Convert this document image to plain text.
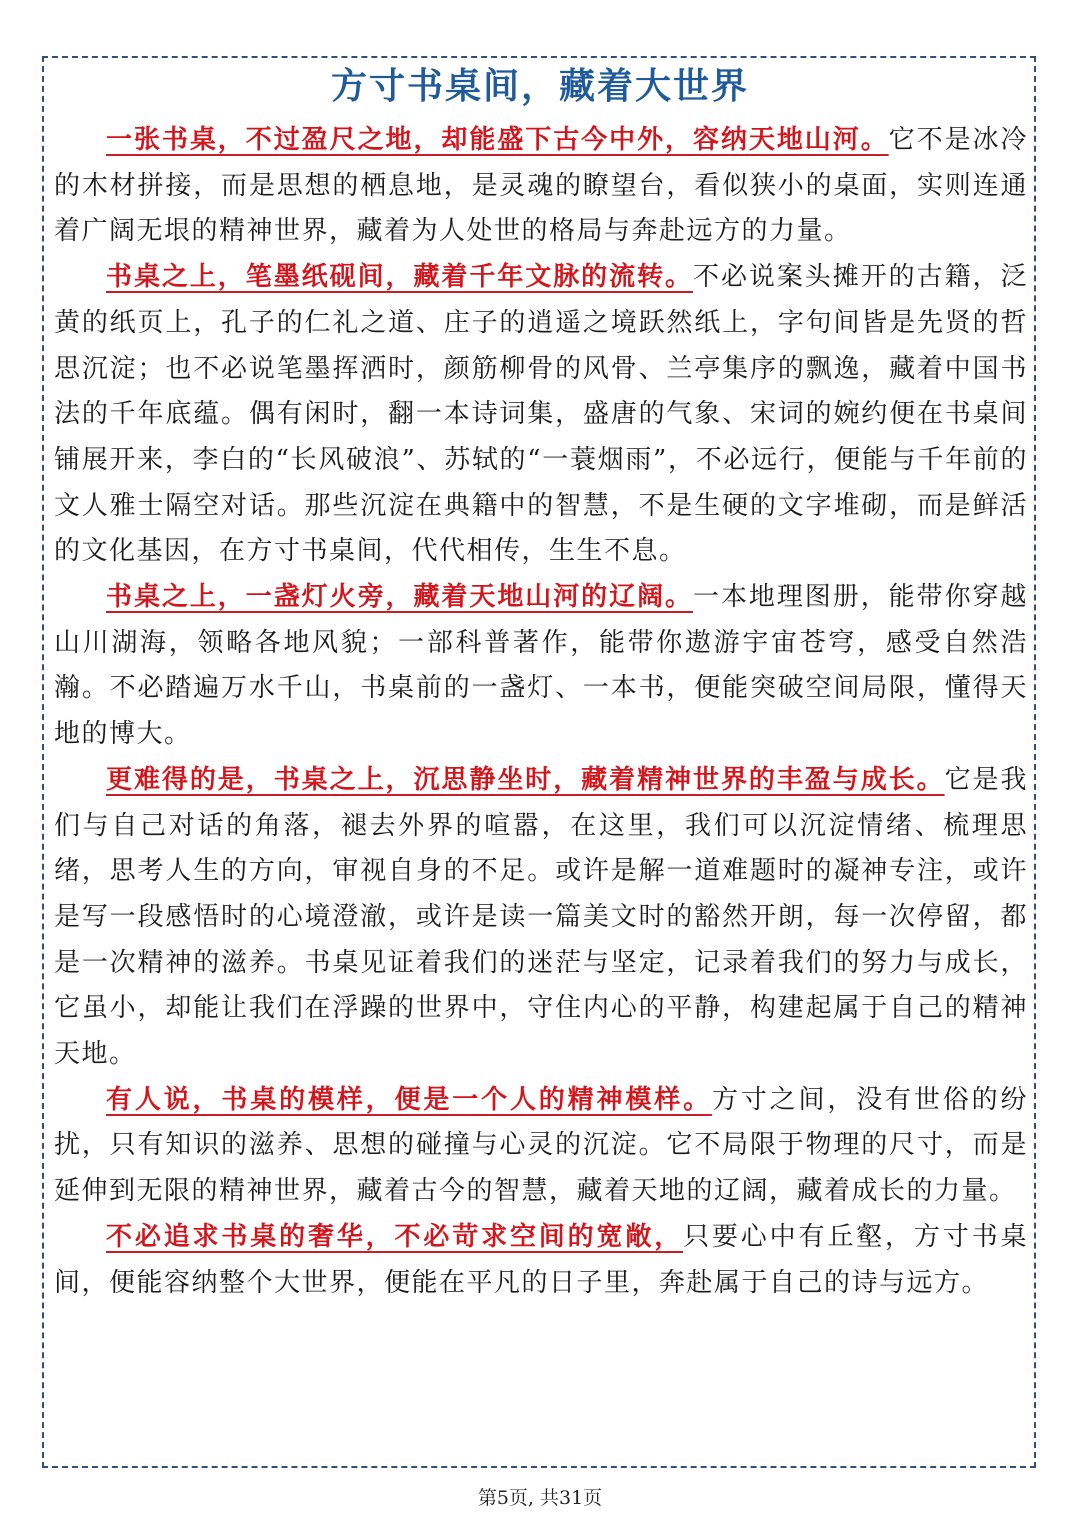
方寸书桌间，藏着大世界

一张书桌，不过盈尺之地，却能盛下古今中外，容纳天地山河。它不是冰冷的木材拼接，而是思想的栖息地，是灵魂的瞭望台，看似狭小的桌面，实则连通着广阔无垠的精神世界，藏着为人处世的格局与奔赴远方的力量。

书桌之上，笔墨纸砚间，藏着千年文脉的流转。不必说案头摊开的古籍，泛黄的纸页上，孔子的仁礼之道、庄子的逍遥之境跃然纸上，字句间皆是先贤的哲思沉淀；也不必说笔墨挥洒时，颜筋柳骨的风骨、兰亭集序的飘逸，藏着中国书法的千年底蕴。偶有闲时，翻一本诗词集，盛唐的气象、宋词的婉约便在书桌间铺展开来，李白的“长风破浪”、苏轼的“一蓑烟雨”，不必远行，便能与千年前的文人雅士隔空对话。那些沉淀在典籍中的智慧，不是生硬的文字堆砌，而是鲜活的文化基因，在方寸书桌间，代代相传，生生不息。

书桌之上，一盏灯火旁，藏着天地山河的辽阔。一本地理图册，能带你穿越山川湖海，领略各地风貌；一部科普著作，能带你遨游宇宙苍穹，感受自然浩瀚。不必踏遍万水千山，书桌前的一盏灯、一本书，便能突破空间局限，懂得天地的博大。

更难得的是，书桌之上，沉思静坐时，藏着精神世界的丰盈与成长。它是我们与自己对话的角落，褪去外界的喧嚣，在这里，我们可以沉淀情绪、梳理思绪，思考人生的方向，审视自身的不足。或许是解一道难题时的凝神专注，或许是写一段感悟时的心境澄澈，或许是读一篇美文时的豁然开朗，每一次停留，都是一次精神的滋养。书桌见证着我们的迷茫与坚定，记录着我们的努力与成长，它虽小，却能让我们在浮躁的世界中，守住内心的平静，构建起属于自己的精神天地。

有人说，书桌的模样，便是一个人的精神模样。方寸之间，没有世俗的纷扰，只有知识的滋养、思想的碰撞与心灵的沉淀。它不局限于物理的尺寸，而是延伸到无限的精神世界，藏着古今的智慧，藏着天地的辽阔，藏着成长的力量。

不必追求书桌的奢华，不必苛求空间的宽敞，只要心中有丘壑，方寸书桌间，便能容纳整个大世界，便能在平凡的日子里，奔赴属于自己的诗与远方。

第5页, 共31页
